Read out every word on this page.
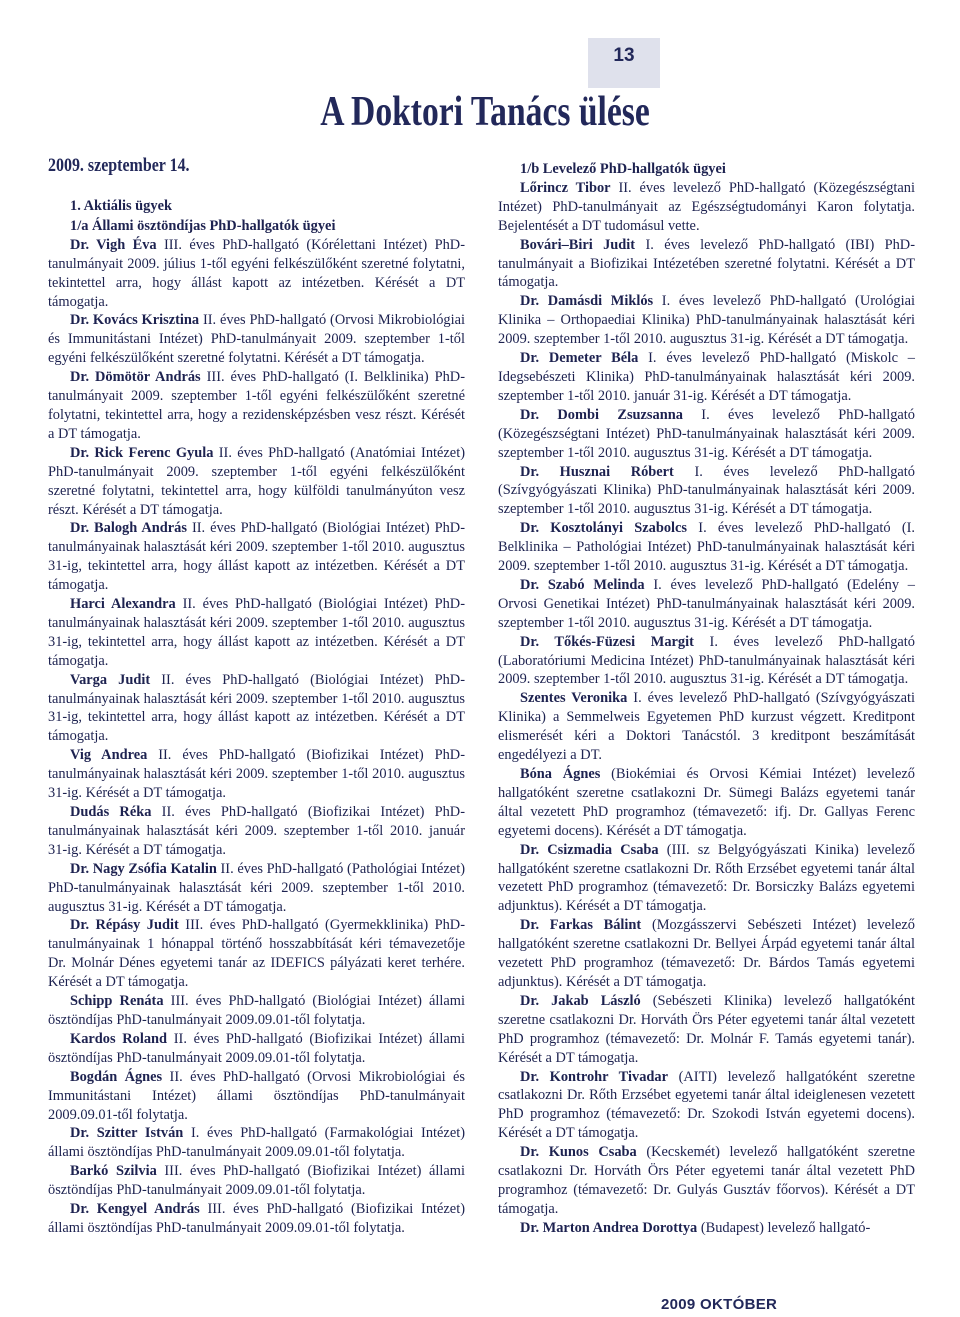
13
A Doktori Tanács ülése
2009. szeptember 14.

1. Aktiális ügyek

1/a Állami ösztöndíjas PhD-hallgatók ügyei

Dr. Vigh Éva III. éves PhD-hallgató (Kórélettani Intézet) PhD-tanulmányait 2009. július 1-től egyéni felkészülőként szeretné folytatni, tekintettel arra, hogy állást kapott az intézetben. Kérését a DT támogatja.

Dr. Kovács Krisztina II. éves PhD-hallgató (Orvosi Mikrobiológiai és Immunitástani Intézet) PhD-tanulmányait 2009. szeptember 1-től egyéni felkészülőként szeretné folytatni. Kérését a DT támogatja.

Dr. Dömötör András III. éves PhD-hallgató (I. Belklinika) PhD-tanulmányait 2009. szeptember 1-től egyéni felkészülőként szeretné folytatni, tekintettel arra, hogy a rezidensképzésben vesz részt. Kérését a DT támogatja.

Dr. Rick Ferenc Gyula II. éves PhD-hallgató (Anatómiai Intézet) PhD-tanulmányait 2009. szeptember 1-től egyéni felkészülőként szeretné folytatni, tekintettel arra, hogy külföldi tanulmányúton vesz részt. Kérését a DT támogatja.

Dr. Balogh András II. éves PhD-hallgató (Biológiai Intézet) PhD-tanulmányainak halasztását kéri 2009. szeptember 1-től 2010. augusztus 31-ig, tekintettel arra, hogy állást kapott az intézetben. Kérését a DT támogatja.

Harci Alexandra II. éves PhD-hallgató (Biológiai Intézet) PhD-tanulmányainak halasztását kéri 2009. szeptember 1-től 2010. augusztus 31-ig, tekintettel arra, hogy állást kapott az intézetben. Kérését a DT támogatja.

Varga Judit II. éves PhD-hallgató (Biológiai Intézet) PhD-tanulmányainak halasztását kéri 2009. szeptember 1-től 2010. augusztus 31-ig, tekintettel arra, hogy állást kapott az intézetben. Kérését a DT támogatja.

Vig Andrea II. éves PhD-hallgató (Biofizikai Intézet) PhD-tanulmányainak halasztását kéri 2009. szeptember 1-től 2010. augusztus 31-ig. Kérését a DT támogatja.

Dudás Réka II. éves PhD-hallgató (Biofizikai Intézet) PhD-tanulmányainak halasztását kéri 2009. szeptember 1-től 2010. január 31-ig. Kérését a DT támogatja.

Dr. Nagy Zsófia Katalin II. éves PhD-hallgató (Pathológiai Intézet) PhD-tanulmányainak halasztását kéri 2009. szeptember 1-től 2010. augusztus 31-ig. Kérését a DT támogatja.

Dr. Répásy Judit III. éves PhD-hallgató (Gyermekklinika) PhD-tanulmányainak 1 hónappal történő hosszabbítását kéri témavezetője Dr. Molnár Dénes egyetemi tanár az IDEFICS pályázati keret terhére. Kérését a DT támogatja.

Schipp Renáta III. éves PhD-hallgató (Biológiai Intézet) állami ösztöndíjas PhD-tanulmányait 2009.09.01-től folytatja.

Kardos Roland II. éves PhD-hallgató (Biofizikai Intézet) állami ösztöndíjas PhD-tanulmányait 2009.09.01-től folytatja.

Bogdán Ágnes II. éves PhD-hallgató (Orvosi Mikrobiológiai és Immunitástani Intézet) állami ösztöndíjas PhD-tanulmányait 2009.09.01-től folytatja.

Dr. Szitter István I. éves PhD-hallgató (Farmakológiai Intézet) állami ösztöndíjas PhD-tanulmányait 2009.09.01-től folytatja.

Barkó Szilvia III. éves PhD-hallgató (Biofizikai Intézet) állami ösztöndíjas PhD-tanulmányait 2009.09.01-től folytatja.

Dr. Kengyel András III. éves PhD-hallgató (Biofizikai Intézet) állami ösztöndíjas PhD-tanulmányait 2009.09.01-től folytatja.

1/b Levelező PhD-hallgatók ügyei

Lőrincz Tibor II. éves levelező PhD-hallgató (Közegészségtani Intézet) PhD-tanulmányait az Egészségtudományi Karon folytatja. Bejelentését a DT tudomásul vette.

Bovári–Biri Judit I. éves levelező PhD-hallgató (IBI) PhD-tanulmányait a Biofizikai Intézetében szeretné folytatni. Kérését a DT támogatja.

Dr. Damásdi Miklós I. éves levelező PhD-hallgató (Urológiai Klinika – Orthopaediai Klinika) PhD-tanulmányainak halasztását kéri 2009. szeptember 1-től 2010. augusztus 31-ig. Kérését a DT támogatja.

Dr. Demeter Béla I. éves levelező PhD-hallgató (Miskolc – Idegsebészeti Klinika) PhD-tanulmányainak halasztását kéri 2009. szeptember 1-től 2010. január 31-ig. Kérését a DT támogatja.

Dr. Dombi Zsuzsanna I. éves levelező PhD-hallgató (Közegészségtani Intézet) PhD-tanulmányainak halasztását kéri 2009. szeptember 1-től 2010. augusztus 31-ig. Kérését a DT támogatja.

Dr. Husznai Róbert I. éves levelező PhD-hallgató (Szívgyógyászati Klinika) PhD-tanulmányainak halasztását kéri 2009. szeptember 1-től 2010. augusztus 31-ig. Kérését a DT támogatja.

Dr. Kosztolányi Szabolcs I. éves levelező PhD-hallgató (I. Belklinika – Pathológiai Intézet) PhD-tanulmányainak halasztását kéri 2009. szeptember 1-től 2010. augusztus 31-ig. Kérését a DT támogatja.

Dr. Szabó Melinda I. éves levelező PhD-hallgató (Edelény – Orvosi Genetikai Intézet) PhD-tanulmányainak halasztását kéri 2009. szeptember 1-től 2010. augusztus 31-ig. Kérését a DT támogatja.

Dr. Tőkés-Füzesi Margit I. éves levelező PhD-hallgató (Laboratóriumi Medicina Intézet) PhD-tanulmányainak halasztását kéri 2009. szeptember 1-től 2010. augusztus 31-ig. Kérését a DT támogatja.

Szentes Veronika I. éves levelező PhD-hallgató (Szívgyógyászati Klinika) a Semmelweis Egyetemen PhD kurzust végzett. Kreditpont elismerését kéri a Doktori Tanácstól. 3 kreditpont beszámítását engedélyezi a DT.

Bóna Ágnes (Biokémiai és Orvosi Kémiai Intézet) levelező hallgatóként szeretne csatlakozni Dr. Sümegi Balázs egyetemi tanár által vezetett PhD programhoz (témavezető: ifj. Dr. Gallyas Ferenc egyetemi docens). Kérését a DT támogatja.

Dr. Csizmadia Csaba (III. sz Belgyógyászati Kinika) levelező hallgatóként szeretne csatlakozni Dr. Rőth Erzsébet egyetemi tanár által vezetett PhD programhoz (témavezető: Dr. Borsiczky Balázs egyetemi adjunktus). Kérését a DT támogatja.

Dr. Farkas Bálint (Mozgásszervi Sebészeti Intézet) levelező hallgatóként szeretne csatlakozni Dr. Bellyei Árpád egyetemi tanár által vezetett PhD programhoz (témavezető: Dr. Bárdos Tamás egyetemi adjunktus). Kérését a DT támogatja.

Dr. Jakab László (Sebészeti Klinika) levelező hallgatóként szeretne csatlakozni Dr. Horváth Örs Péter egyetemi tanár által vezetett PhD programhoz (témavezető: Dr. Molnár F. Tamás egyetemi tanár). Kérését a DT támogatja.

Dr. Kontrohr Tivadar (AITI) levelező hallgatóként szeretne csatlakozni Dr. Rőth Erzsébet egyetemi tanár által ideiglenesen vezetett PhD programhoz (témavezető: Dr. Szokodi István egyetemi docens). Kérését a DT támogatja.

Dr. Kunos Csaba (Kecskemét) levelező hallgatóként szeretne csatlakozni Dr. Horváth Örs Péter egyetemi tanár által vezetett PhD programhoz (témavezető: Dr. Gulyás Gusztáv főorvos). Kérését a DT támogatja.

Dr. Marton Andrea Dorottya (Budapest) levelező hallgató-

2009 OKTÓBER
